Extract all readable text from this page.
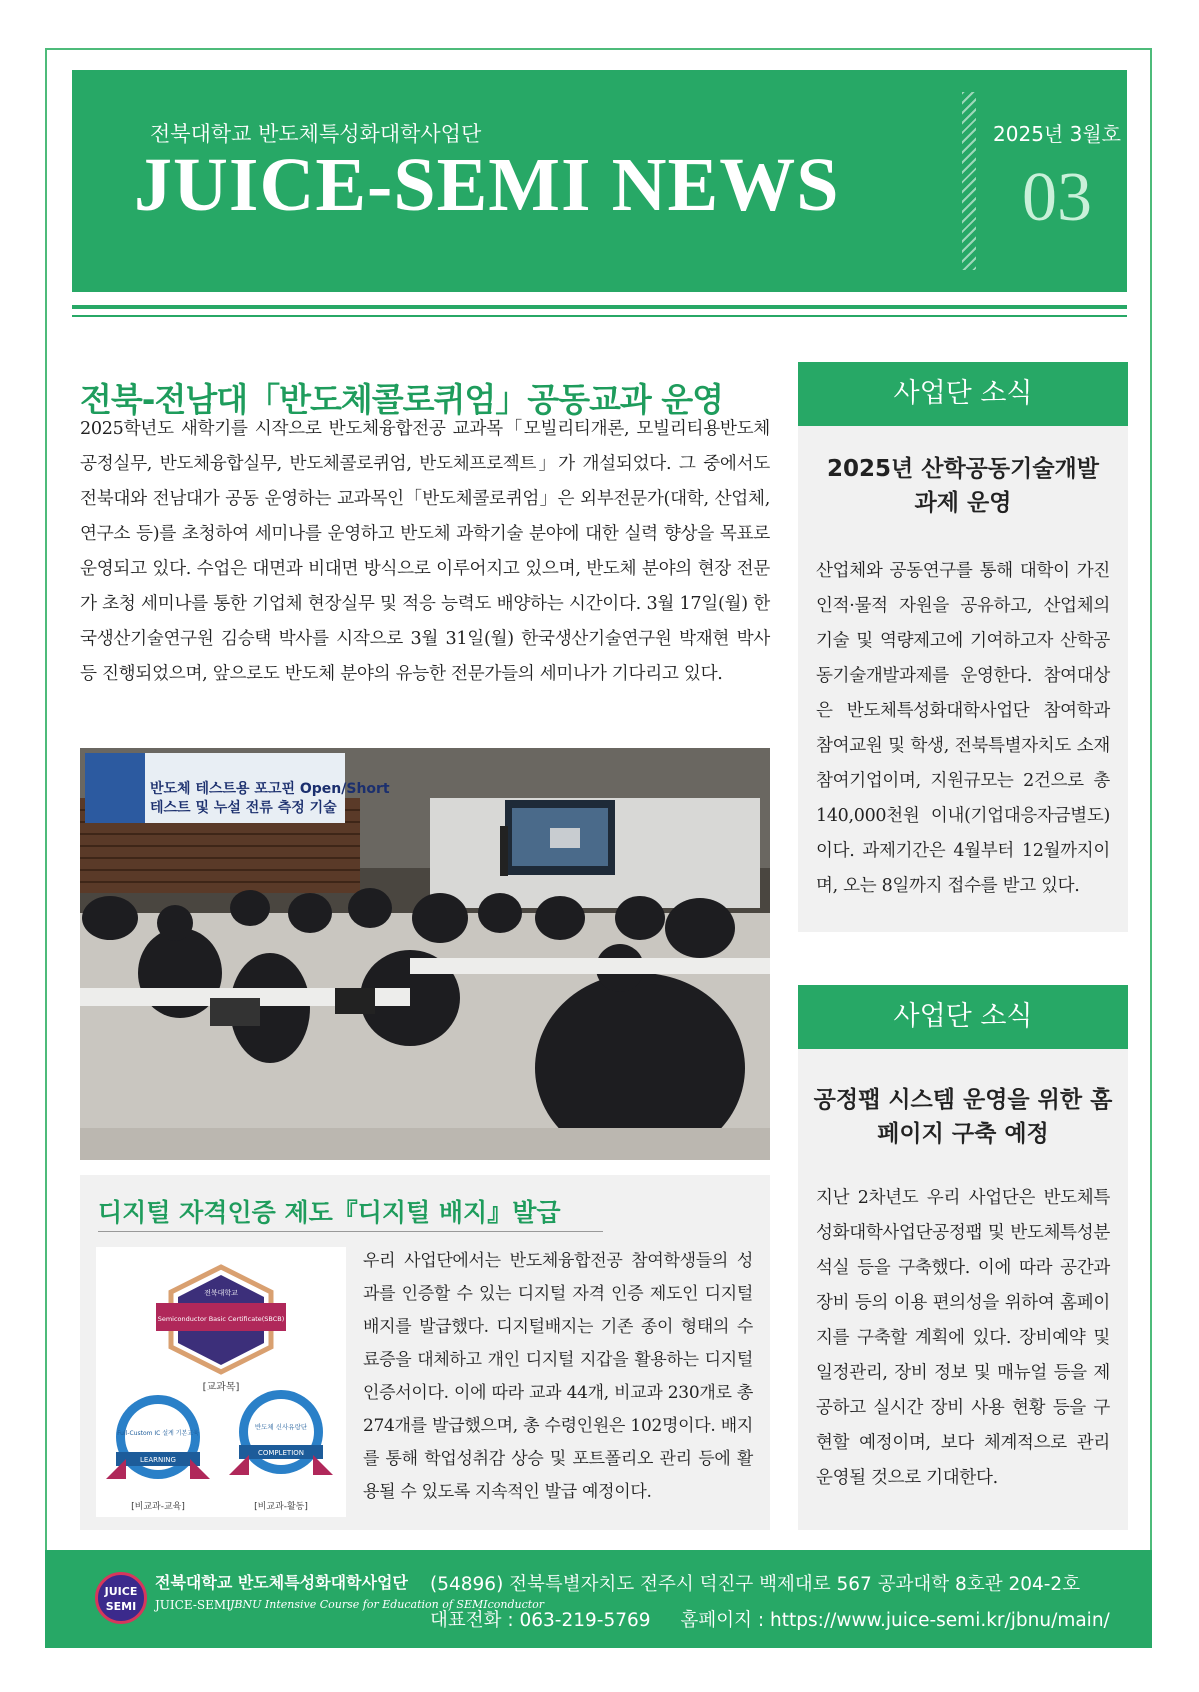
전북대학교 반도체특성화대학사업단
JUICE-SEMI NEWS
2025년 3월호
03
전북-전남대「반도체콜로퀴엄」공동교과 운영

2025학년도 새학기를 시작으로 반도체융합전공 교과목「모빌리티개론, 모빌리티용반도체공정실무, 반도체융합실무, 반도체콜로퀴엄, 반도체프로젝트」가 개설되었다. 그 중에서도 전북대와 전남대가 공동 운영하는 교과목인「반도체콜로퀴엄」은 외부전문가(대학, 산업체, 연구소 등)를 초청하여 세미나를 운영하고 반도체 과학기술 분야에 대한 실력 향상을 목표로 운영되고 있다. 수업은 대면과 비대면 방식으로 이루어지고 있으며, 반도체 분야의 현장 전문가 초청 세미나를 통한 기업체 현장실무 및 적응 능력도 배양하는 시간이다. 3월 17일(월) 한국생산기술연구원 김승택 박사를 시작으로 3월 31일(월) 한국생산기술연구원 박재현 박사 등 진행되었으며, 앞으로도 반도체 분야의 유능한 전문가들의 세미나가 기다리고 있다.

반도체 테스트용 포고핀 Open/Short
테스트 및 누설 전류 측정 기술
디지털 자격인증 제도『디지털 배지』발급
전북대학교
Semiconductor Basic Certificate(SBCB)
[교과목]
Full-Custom IC 설계 기본교육
LEARNING
[비교과-교육]
반도체 신사유랑단
COMPLETION
[비교과-활동]

우리 사업단에서는 반도체융합전공 참여학생들의 성과를 인증할 수 있는 디지털 자격 인증 제도인 디지털 배지를 발급했다. 디지털배지는 기존 종이 형태의 수료증을 대체하고 개인 디지털 지갑을 활용하는 디지털 인증서이다. 이에 따라 교과 44개, 비교과 230개로 총 274개를 발급했으며, 총 수령인원은 102명이다. 배지를 통해 학업성취감 상승 및 포트폴리오 관리 등에 활용될 수 있도록 지속적인 발급 예정이다.

사업단 소식
2025년 산학공동기술개발 과제 운영

산업체와 공동연구를 통해 대학이 가진 인적·물적 자원을 공유하고, 산업체의 기술 및 역량제고에 기여하고자 산학공동기술개발과제를 운영한다. 참여대상은 반도체특성화대학사업단 참여학과 참여교원 및 학생, 전북특별자치도 소재 참여기업이며, 지원규모는 2건으로 총 140,000천원 이내(기업대응자금별도)이다. 과제기간은 4월부터 12월까지이며, 오는 8일까지 접수를 받고 있다.

사업단 소식
공정팹 시스템 운영을 위한 홈페이지 구축 예정

지난 2차년도 우리 사업단은 반도체특성화대학사업단공정팹 및 반도체특성분석실 등을 구축했다. 이에 따라 공간과 장비 등의 이용 편의성을 위하여 홈페이지를 구축할 계획에 있다. 장비예약 및 일정관리, 장비 정보 및 매뉴얼 등을 제공하고 실시간 장비 사용 현황 등을 구현할 예정이며, 보다 체계적으로 관리 운영될 것으로 기대한다.

JUICE SEMI
전북대학교 반도체특성화대학사업단
JUICE-SEMI JBNU Intensive Course for Education of SEMIconductor
(54896) 전북특별자치도 전주시 덕진구 백제대로 567 공과대학 8호관 204-2호
대표전화 : 063-219-5769 홈페이지 : https://www.juice-semi.kr/jbnu/main/
